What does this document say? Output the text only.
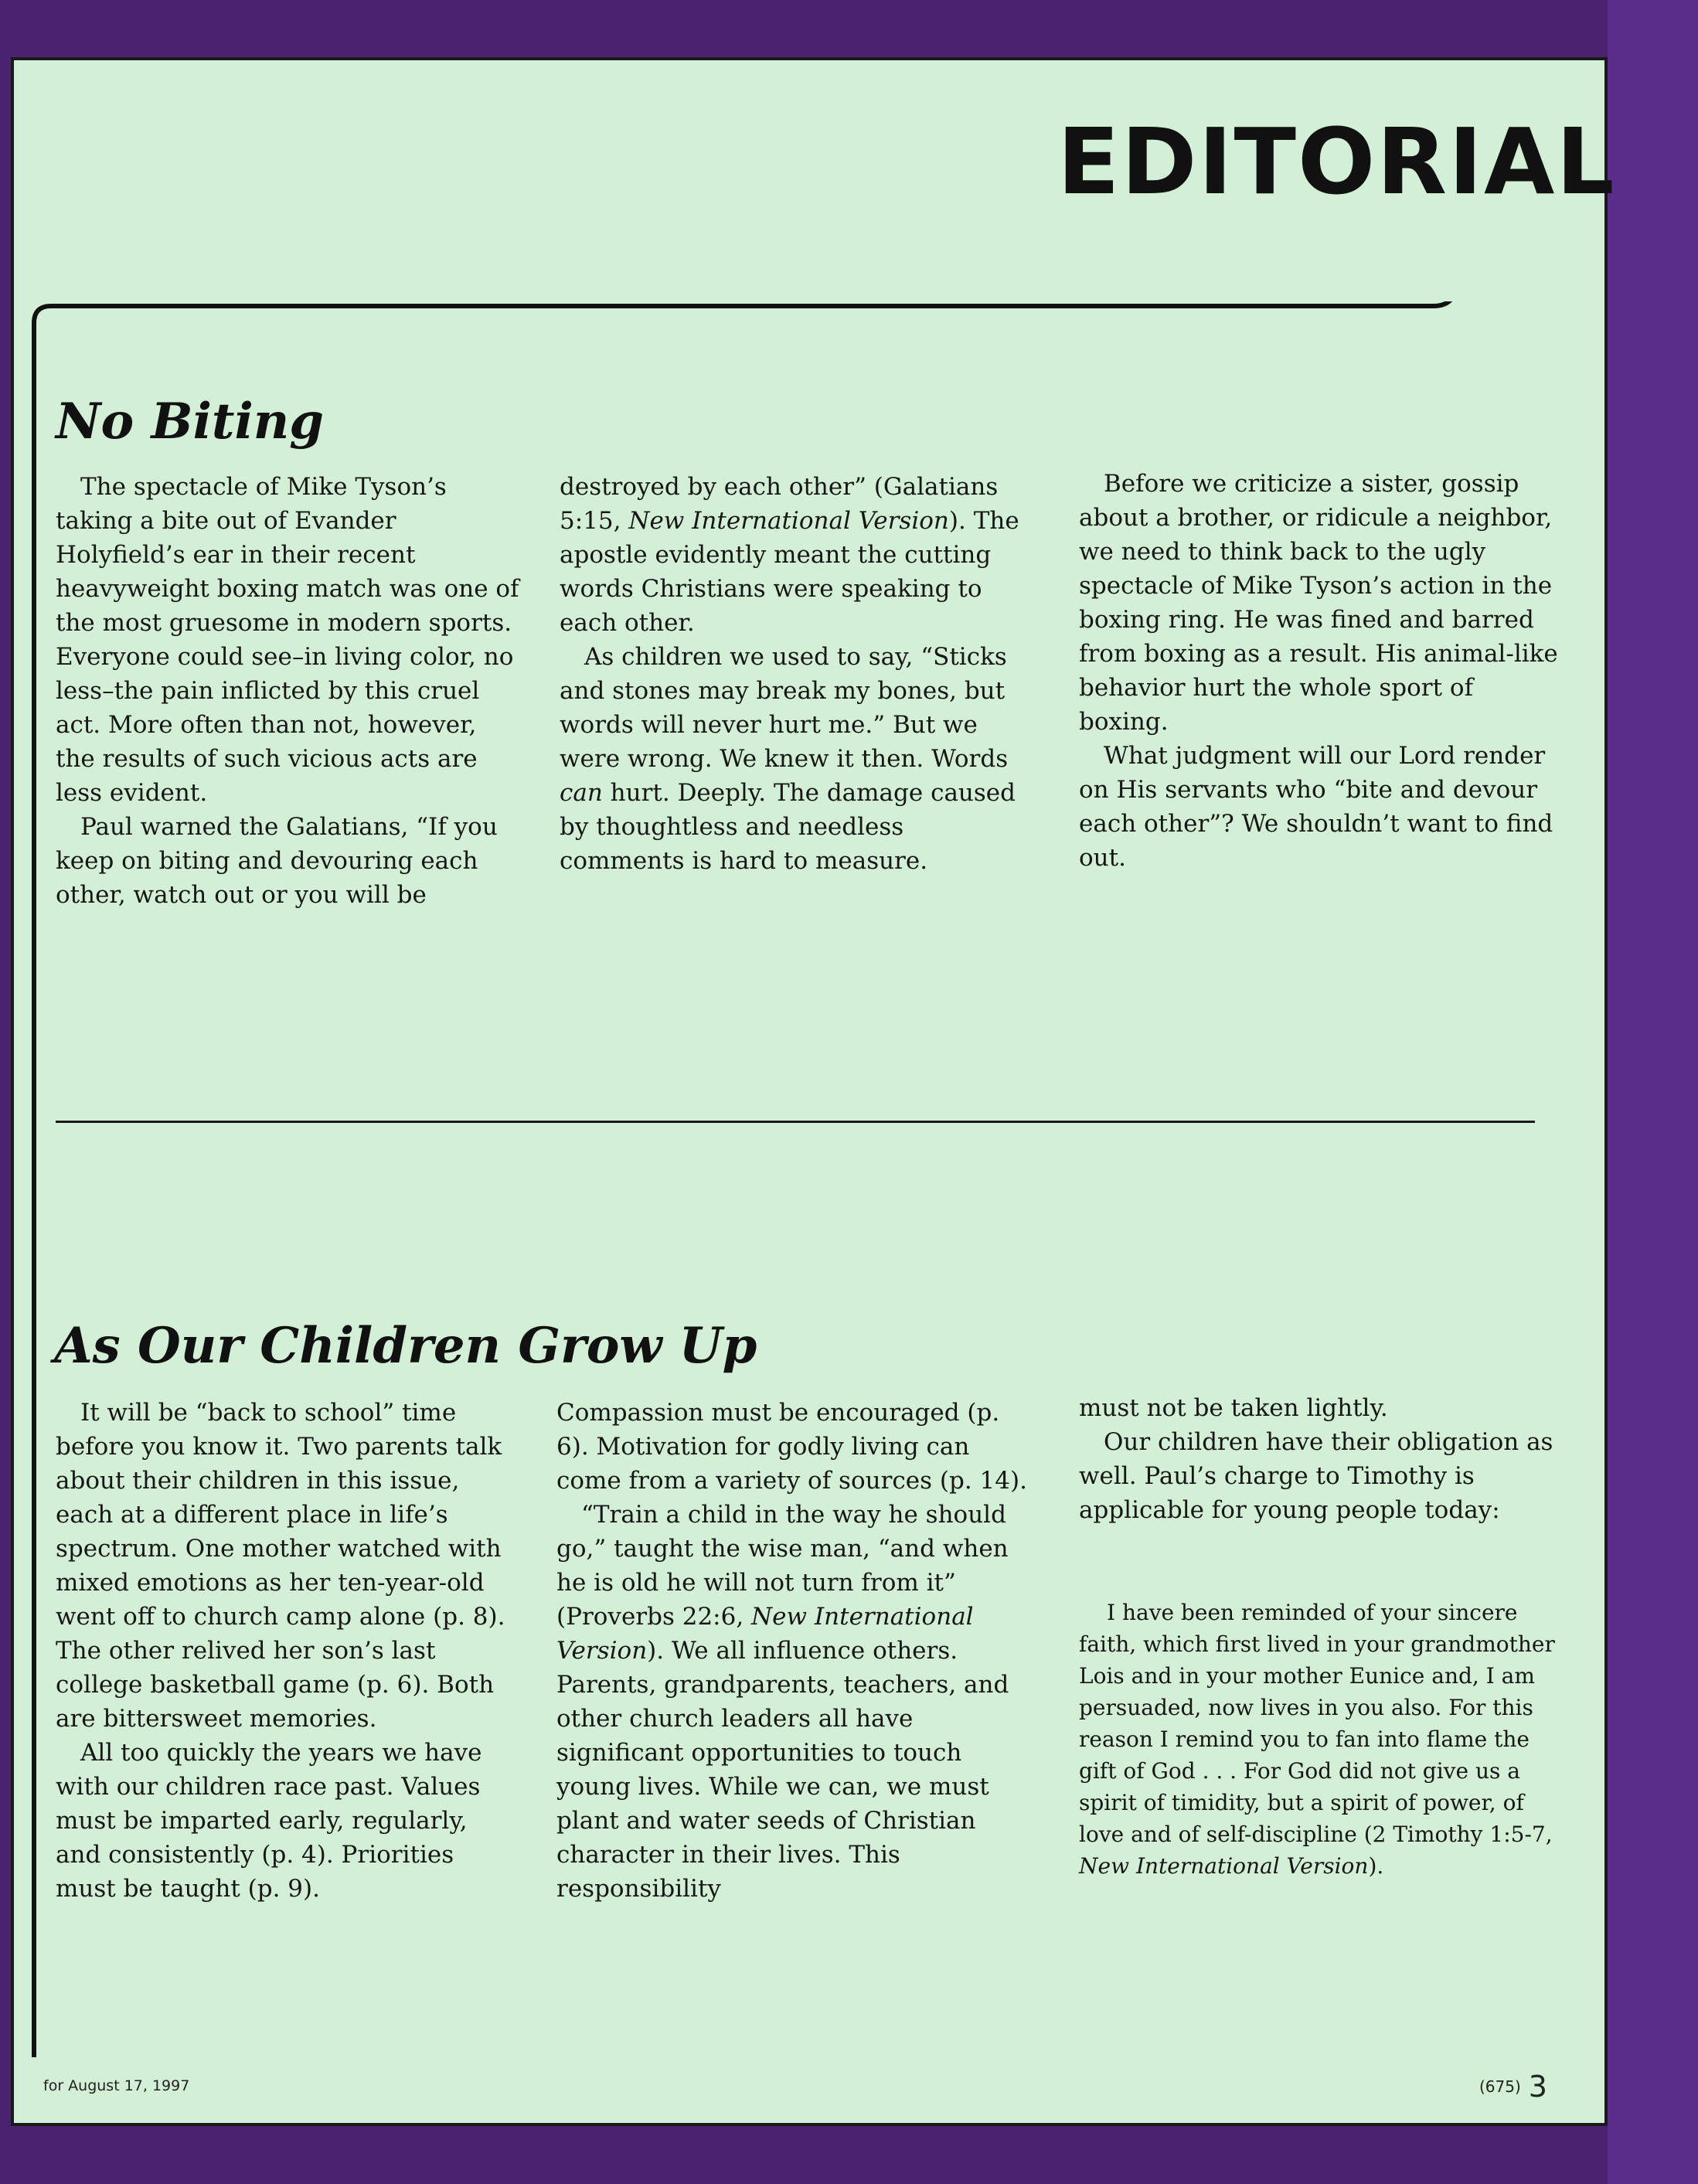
EDITORIAL
No Biting

The spectacle of Mike Tyson’s taking a bite out of Evander Holyfield’s ear in their recent heavyweight boxing match was one of the most gruesome in modern sports. Everyone could see–in living color, no less–the pain inflicted by this cruel act. More often than not, however, the results of such vicious acts are less evident.

Paul warned the Galatians, “If you keep on biting and devouring each other, watch out or you will be

destroyed by each other” (Galatians 5:15, New International Version). The apostle evidently meant the cutting words Christians were speaking to each other.

As children we used to say, “Sticks and stones may break my bones, but words will never hurt me.” But we were wrong. We knew it then. Words can hurt. Deeply. The damage caused by thoughtless and needless comments is hard to measure.

Before we criticize a sister, gossip about a brother, or ridicule a neighbor, we need to think back to the ugly spectacle of Mike Tyson’s action in the boxing ring. He was fined and barred from boxing as a result. His animal-like behavior hurt the whole sport of boxing.

What judgment will our Lord render on His servants who “bite and devour each other”? We shouldn’t want to find out.

As Our Children Grow Up

It will be “back to school” time before you know it. Two parents talk about their children in this issue, each at a different place in life’s spectrum. One mother watched with mixed emotions as her ten-year-old went off to church camp alone (p. 8). The other relived her son’s last college basketball game (p. 6). Both are bittersweet memories.

All too quickly the years we have with our children race past. Values must be imparted early, regularly, and consistently (p. 4). Priorities must be taught (p. 9).

Compassion must be encouraged (p. 6). Motivation for godly living can come from a variety of sources (p. 14).

“Train a child in the way he should go,” taught the wise man, “and when he is old he will not turn from it” (Proverbs 22:6, New International Version). We all influence others. Parents, grandparents, teachers, and other church leaders all have significant opportunities to touch young lives. While we can, we must plant and water seeds of Christian character in their lives. This responsibility

must not be taken lightly.

Our children have their obligation as well. Paul’s charge to Timothy is applicable for young people today:

I have been reminded of your sincere faith, which first lived in your grandmother Lois and in your mother Eunice and, I am persuaded, now lives in you also. For this reason I remind you to fan into flame the gift of God . . . For God did not give us a spirit of timidity, but a spirit of power, of love and of self-discipline (2 Timothy 1:5-7, New International Version).

for August 17, 1997	(675) 3
